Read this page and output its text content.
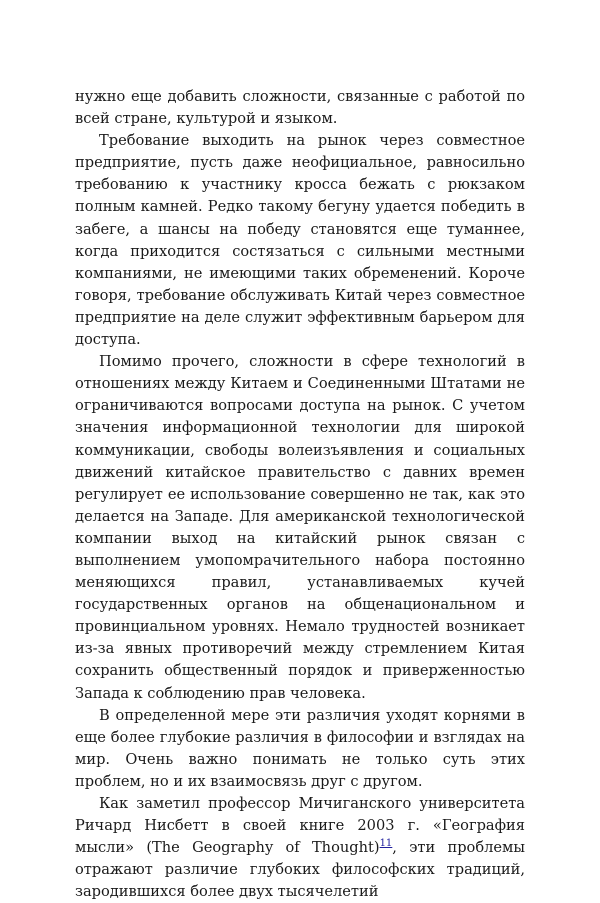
нужно еще добавить сложности, связанные с работой по всей стране, культурой и языком.

Требование выходить на рынок через совместное предприятие, пусть даже неофициальное, равносильно требованию к участнику кросса бежать с рюкзаком полным камней. Редко такому бегуну удается победить в забеге, а шансы на победу становятся еще туманнее, когда приходится состязаться с сильными местными компаниями, не имеющими таких обременений. Короче говоря, требование обслуживать Китай через совместное предприятие на деле служит эффективным барьером для доступа.

Помимо прочего, сложности в сфере технологий в отношениях между Китаем и Соединенными Штатами не ограничиваются вопросами доступа на рынок. С учетом значения информационной технологии для широкой коммуникации, свободы волеизъявления и социальных движений китайское правительство с давних времен регулирует ее использование совершенно не так, как это делается на Западе. Для американской технологической компании выход на китайский рынок связан с выполнением умопомрачительного набора постоянно меняющихся правил, устанавливаемых кучей государственных органов на общенациональном и провинциальном уровнях. Немало трудностей возникает из-за явных противоречий между стремлением Китая сохранить общественный порядок и приверженностью Запада к соблюдению прав человека.

В определенной мере эти различия уходят корнями в еще более глубокие различия в философии и взглядах на мир. Очень важно понимать не только суть этих проблем, но и их взаимосвязь друг с другом.

Как заметил профессор Мичиганского университета Ричард Нисбетт в своей книге 2003 г. «География мысли» (The Geography of Thought)$^{11}$, эти проблемы отражают различие глубоких философских традиций, зародившихся более двух тысячелетий
